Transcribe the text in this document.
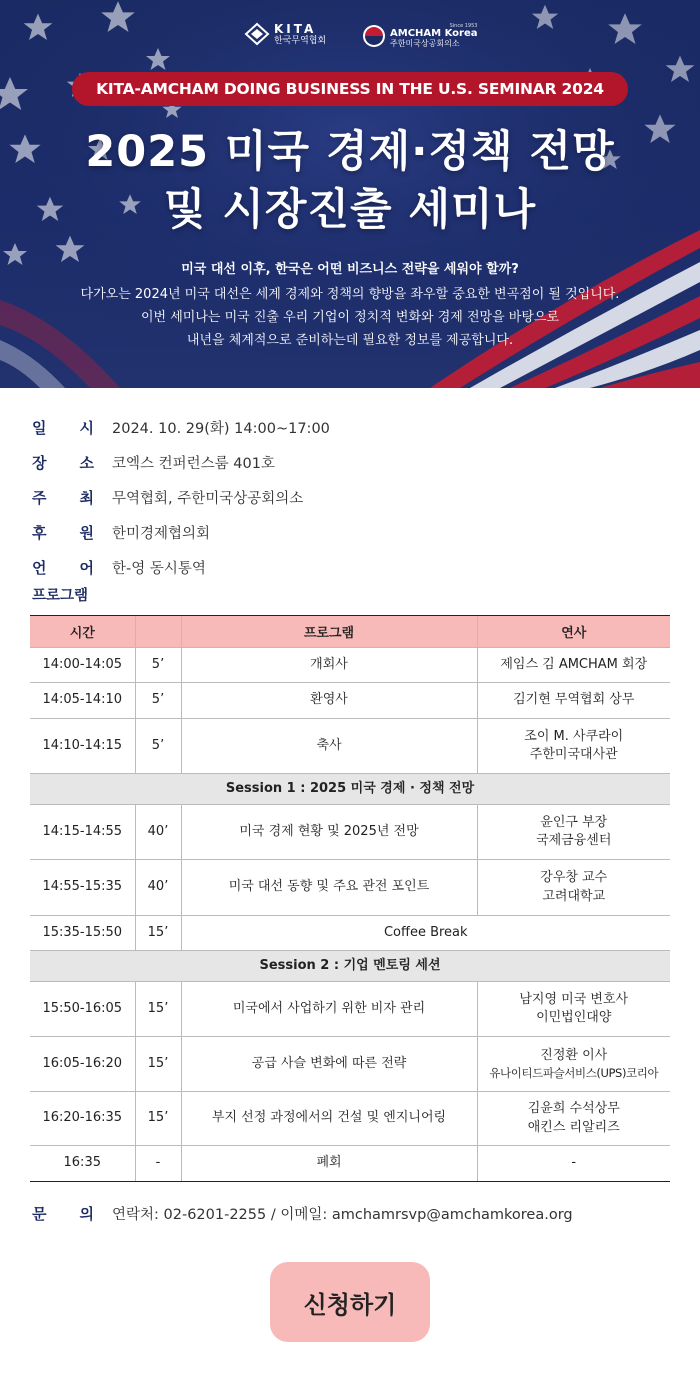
KITA
한국무역협회
Since 1953
AMCHAM Korea
주한미국상공회의소
KITA-AMCHAM DOING BUSINESS IN THE U.S. SEMINAR 2024
2025 미국 경제·정책 전망
및 시장진출 세미나
미국 대선 이후, 한국은 어떤 비즈니스 전략을 세워야 할까?
다가오는 2024년 미국 대선은 세계 경제와 정책의 향방을 좌우할 중요한 변곡점이 될 것입니다.
이번 세미나는 미국 진출 우리 기업이 정치적 변화와 경제 전망을 바탕으로
내년을 체계적으로 준비하는데 필요한 정보를 제공합니다.
일 시 2024. 10. 29(화) 14:00~17:00
장 소 코엑스 컨퍼런스룸 401호
주 최 무역협회, 주한미국상공회의소
후 원 한미경제협의회
언 어 한-영 동시통역
프로그램
시간		프로그램	연사
14:00-14:05	5’	개회사	제임스 김 AMCHAM 회장
14:05-14:10	5’	환영사	김기현 무역협회 상무
14:10-14:15	5’	축사	조이 M. 사쿠라이
주한미국대사관

Session 1 : 2025 미국 경제 · 정책 전망			
14:15-14:55	40’	미국 경제 현황 및 2025년 전망	윤인구 부장
국제금융센터

14:55-15:35	40’	미국 대선 동향 및 주요 관전 포인트	강우창 교수
고려대학교

15:35-15:50	15’	Coffee Break	
Session 2 : 기업 멘토링 세션			
15:50-16:05	15’	미국에서 사업하기 위한 비자 관리	남지영 미국 변호사
이민법인대양

16:05-16:20	15’	공급 사슬 변화에 따른 전략	진정환 이사
유나이티드파슬서비스(UPS)코리아

16:20-16:35	15’	부지 선정 과정에서의 건설 및 엔지니어링	김윤희 수석상무
애킨스 리알리즈

16:35	-	폐회	-
문 의 연락처: 02-6201-2255 / 이메일: amchamrsvp@amchamkorea.org
신청하기
